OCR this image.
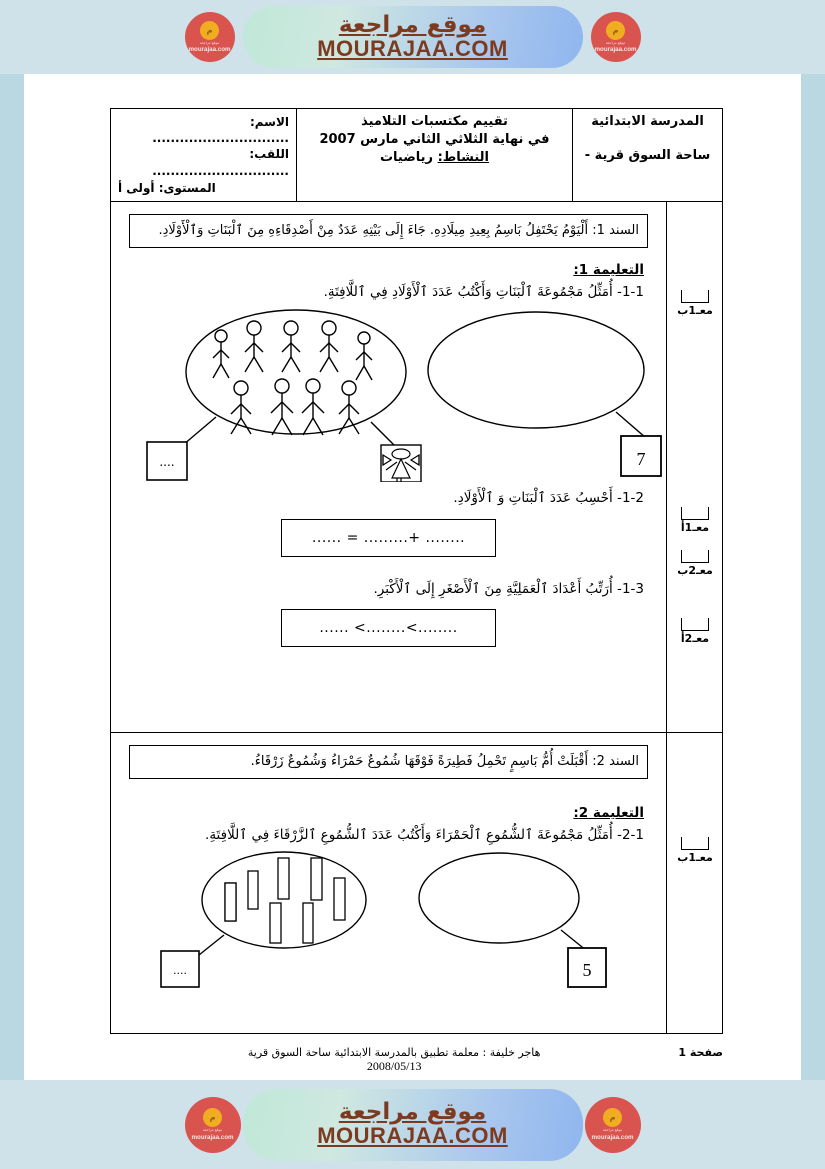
م
موقع مراجعة
mourajaa.com
موقع مراجعة
MOURAJAA.COM
م
موقع مراجعة
mourajaa.com
المدرسة الابتدائية
ساحة السوق قرية -
تقييم مكتسبات التلاميذ
في نهاية الثلاثي الثاني مارس 2007
النشاط: رياضيات
الاسم: ..............................
اللقب: ..............................
المستوى: أولى أ
معـ1ب
معـ1أ
معـ2ب
معـ2أ
السند 1: أَلْيَوْمُ يَحْتَفِلُ بَاسِمُ بِعِيدِ مِيلَادِهِ. جَاءَ إِلَى بَيْتِهِ عَدَدٌ مِنْ أَصْدِقَاءِهِ مِنَ ٱلْبَنَاتِ وَٱلْأَوْلَادِ.
التعليمة 1:
1-1- أُمَثِّلُ مَجْمُوعَةَ ٱلْبَنَاتِ وَأَكْتُبُ عَدَدَ ٱلْأَوْلَادِ فِي ٱللَّافِتَةِ.
....	7
1-2- أَحْسِبُ عَدَدَ ٱلْبَنَاتِ وَ ٱلْأَوْلَادِ.
........ +......... = ......
1-3- أُرَتِّبُ أَعْدَادَ ٱلْعَمَلِيَّةِ مِنَ ٱلْأَصْغَرِ إِلَى ٱلْأَكْبَرِ.
........>........> ......
معـ1ب
السند 2: أَقْبَلَتْ أُمُّ بَاسِمٍ تَحْمِلُ فَطِيرَةً فَوْقَهَا شُمُوعٌ حَمْرَاءُ وَشُمُوعٌ زَرْقَاءُ.
التعليمة 2:
2-1- أُمَثِّلُ مَجْمُوعَةَ ٱلشُّمُوعِ ٱلْحَمْرَاءَ وَأَكْتُبُ عَدَدَ ٱلشُّمُوعِ ٱلزَّرْقَاءَ فِي ٱللَّافِتَةِ.
....	5
صفحة 1
هاجر خليفة : معلمة تطبيق بالمدرسة الابتدائية ساحة السوق قرية
2008/05/13
م
موقع مراجعة
mourajaa.com
موقع مراجعة
MOURAJAA.COM
م
موقع مراجعة
mourajaa.com
